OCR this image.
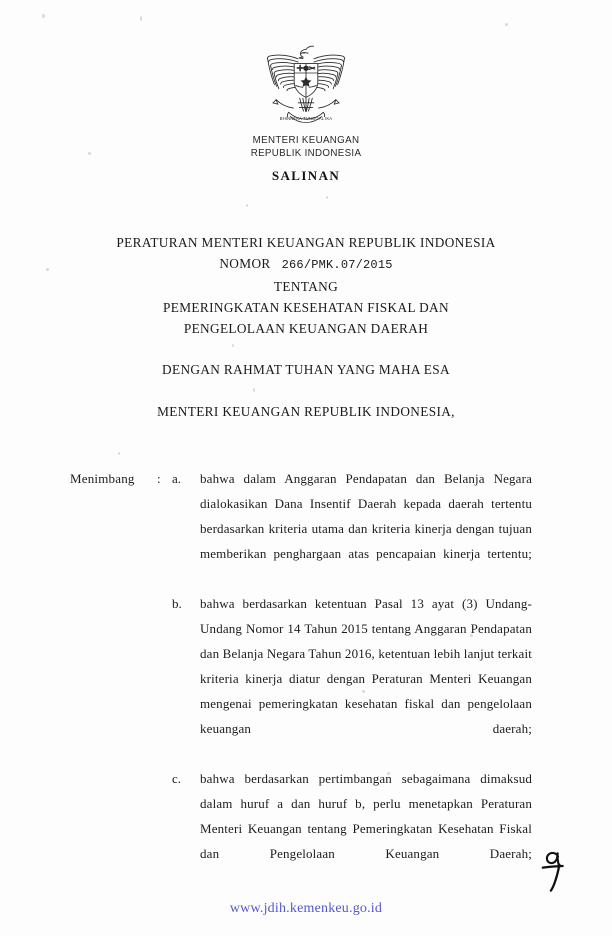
BHINNEKA TUNGGAL IKA
MENTERI KEUANGAN
REPUBLIK INDONESIA
SALINAN
PERATURAN MENTERI KEUANGAN REPUBLIK INDONESIA
NOMOR 266/PMK.07/2015
TENTANG
PEMERINGKATAN KESEHATAN FISKAL DAN
PENGELOLAAN KEUANGAN DAERAH
DENGAN RAHMAT TUHAN YANG MAHA ESA
MENTERI KEUANGAN REPUBLIK INDONESIA,
Menimbang	: a.	bahwa dalam Anggaran Pendapatan dan Belanja Negara dialokasikan Dana Insentif Daerah kepada daerah tertentu berdasarkan kriteria utama dan kriteria kinerja dengan tujuan memberikan penghargaan atas pencapaian kinerja tertentu;
b.	bahwa berdasarkan ketentuan Pasal 13 ayat (3) Undang-Undang Nomor 14 Tahun 2015 tentang Anggaran Pendapatan dan Belanja Negara Tahun 2016, ketentuan lebih lanjut terkait kriteria kinerja diatur dengan Peraturan Menteri Keuangan mengenai pemeringkatan kesehatan fiskal dan pengelolaan keuangan daerah;
c.	bahwa berdasarkan pertimbangan sebagaimana dimaksud dalam huruf a dan huruf b, perlu menetapkan Peraturan Menteri Keuangan tentang Pemeringkatan Kesehatan Fiskal dan Pengelolaan Keuangan Daerah;
www.jdih.kemenkeu.go.id
